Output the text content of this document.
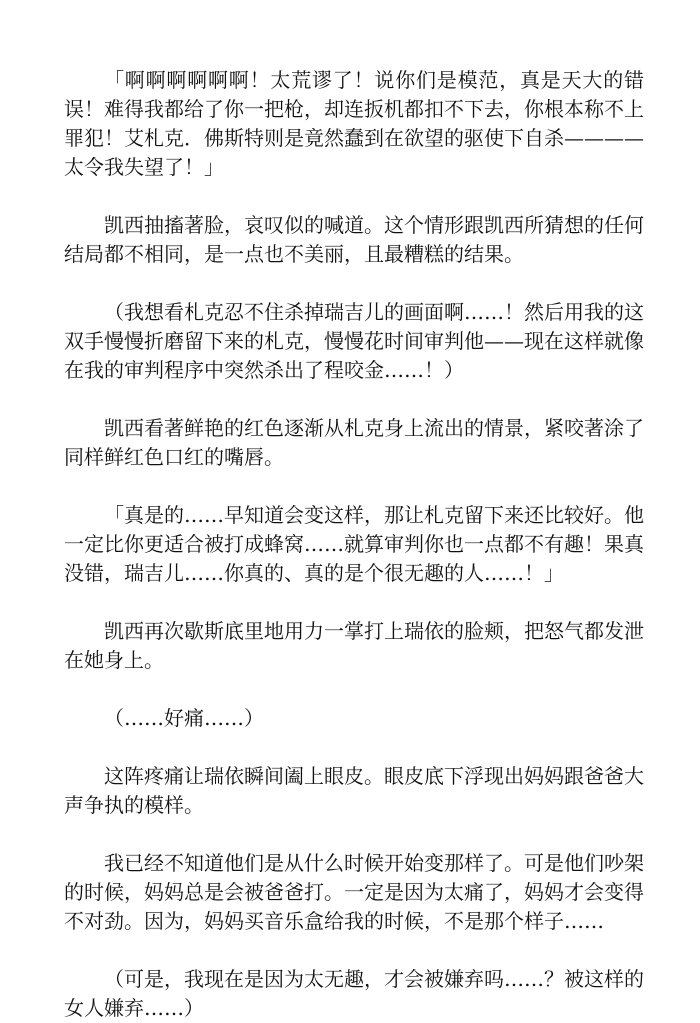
「啊啊啊啊啊啊！太荒谬了！说你们是模范，真是天大的错误！难得我都给了你一把枪，却连扳机都扣不下去，你根本称不上罪犯！艾札克．佛斯特则是竟然蠢到在欲望的驱使下自杀————太令我失望了！」

凯西抽搐著脸，哀叹似的喊道。这个情形跟凯西所猜想的任何结局都不相同，是一点也不美丽，且最糟糕的结果。

（我想看札克忍不住杀掉瑞吉儿的画面啊……！然后用我的这双手慢慢折磨留下来的札克，慢慢花时间审判他——现在这样就像在我的审判程序中突然杀出了程咬金……！）

凯西看著鲜艳的红色逐渐从札克身上流出的情景，紧咬著涂了同样鲜红色口红的嘴唇。

「真是的……早知道会变这样，那让札克留下来还比较好。他一定比你更适合被打成蜂窝……就算审判你也一点都不有趣！果真没错，瑞吉儿……你真的、真的是个很无趣的人……！」

凯西再次歇斯底里地用力一掌打上瑞依的脸颊，把怒气都发泄在她身上。

（……好痛……）

这阵疼痛让瑞依瞬间阖上眼皮。眼皮底下浮现出妈妈跟爸爸大声争执的模样。

我已经不知道他们是从什么时候开始变那样了。可是他们吵架的时候，妈妈总是会被爸爸打。一定是因为太痛了，妈妈才会变得不对劲。因为，妈妈买音乐盒给我的时候，不是那个样子……

（可是，我现在是因为太无趣，才会被嫌弃吗……？被这样的女人嫌弃……）
